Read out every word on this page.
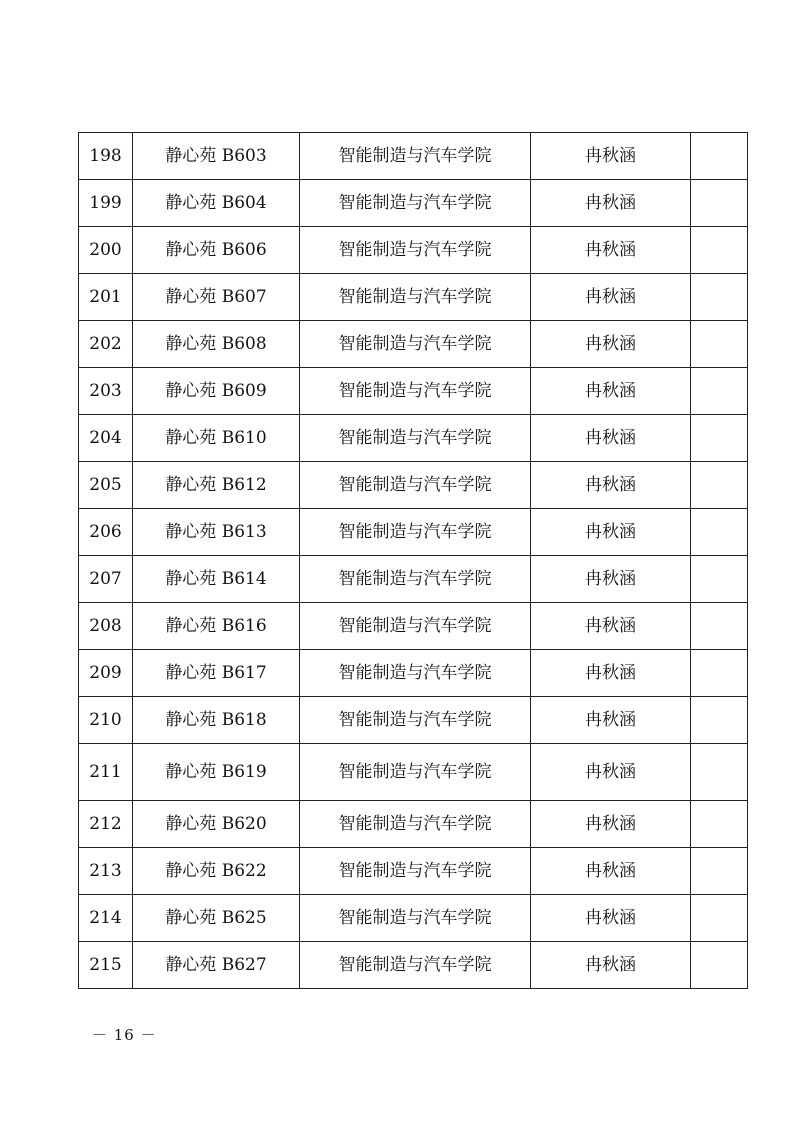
198	静心苑 B603	智能制造与汽车学院	冉秋涵	
199	静心苑 B604	智能制造与汽车学院	冉秋涵	
200	静心苑 B606	智能制造与汽车学院	冉秋涵	
201	静心苑 B607	智能制造与汽车学院	冉秋涵	
202	静心苑 B608	智能制造与汽车学院	冉秋涵	
203	静心苑 B609	智能制造与汽车学院	冉秋涵	
204	静心苑 B610	智能制造与汽车学院	冉秋涵	
205	静心苑 B612	智能制造与汽车学院	冉秋涵	
206	静心苑 B613	智能制造与汽车学院	冉秋涵	
207	静心苑 B614	智能制造与汽车学院	冉秋涵	
208	静心苑 B616	智能制造与汽车学院	冉秋涵	
209	静心苑 B617	智能制造与汽车学院	冉秋涵	
210	静心苑 B618	智能制造与汽车学院	冉秋涵	
211	静心苑 B619	智能制造与汽车学院	冉秋涵	
212	静心苑 B620	智能制造与汽车学院	冉秋涵	
213	静心苑 B622	智能制造与汽车学院	冉秋涵	
214	静心苑 B625	智能制造与汽车学院	冉秋涵	
215	静心苑 B627	智能制造与汽车学院	冉秋涵	
－ 16 －
